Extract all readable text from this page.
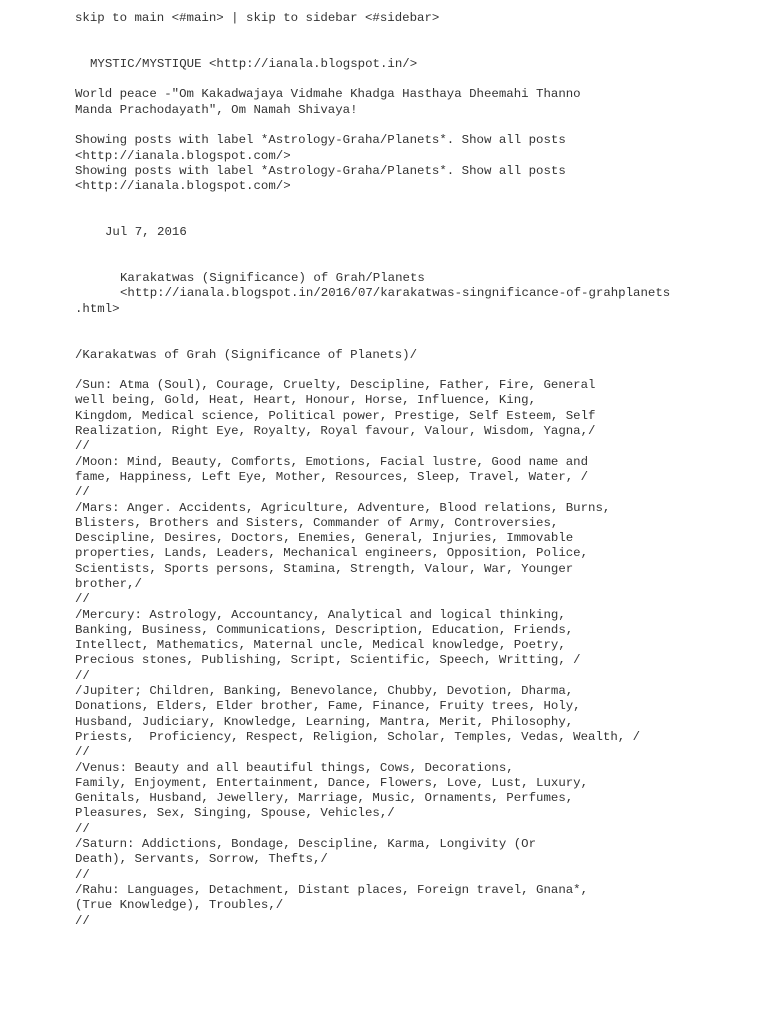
skip to main <#main> | skip to sidebar <#sidebar>
MYSTIC/MYSTIQUE <http://ianala.blogspot.in/>
World peace -"Om Kakadwajaya Vidmahe Khadga Hasthaya Dheemahi Thanno
Manda Prachodayath", Om Namah Shivaya!
Showing posts with label *Astrology-Graha/Planets*. Show all posts
<http://ianala.blogspot.com/>
Showing posts with label *Astrology-Graha/Planets*. Show all posts
<http://ianala.blogspot.com/>
Jul 7, 2016
Karakatwas (Significance) of Grah/Planets
<http://ianala.blogspot.in/2016/07/karakatwas-singnificance-of-grahplanets
.html>
/Karakatwas of Grah (Significance of Planets)/
/Sun: Atma (Soul), Courage, Cruelty, Descipline, Father, Fire, General
well being, Gold, Heat, Heart, Honour, Horse, Influence, King,
Kingdom, Medical science, Political power, Prestige, Self Esteem, Self
Realization, Right Eye, Royalty, Royal favour, Valour, Wisdom, Yagna,/
//
/Moon: Mind, Beauty, Comforts, Emotions, Facial lustre, Good name and
fame, Happiness, Left Eye, Mother, Resources, Sleep, Travel, Water, /
//
/Mars: Anger. Accidents, Agriculture, Adventure, Blood relations, Burns,
Blisters, Brothers and Sisters, Commander of Army, Controversies,
Descipline, Desires, Doctors, Enemies, General, Injuries, Immovable
properties, Lands, Leaders, Mechanical engineers, Opposition, Police,
Scientists, Sports persons, Stamina, Strength, Valour, War, Younger
brother,/
//
/Mercury: Astrology, Accountancy, Analytical and logical thinking,
Banking, Business, Communications, Description, Education, Friends,
Intellect, Mathematics, Maternal uncle, Medical knowledge, Poetry,
Precious stones, Publishing, Script, Scientific, Speech, Writting, /
//
/Jupiter; Children, Banking, Benevolance, Chubby, Devotion, Dharma,
Donations, Elders, Elder brother, Fame, Finance, Fruity trees, Holy,
Husband, Judiciary, Knowledge, Learning, Mantra, Merit, Philosophy,
Priests,  Proficiency, Respect, Religion, Scholar, Temples, Vedas, Wealth, /
//
/Venus: Beauty and all beautiful things, Cows, Decorations,
Family, Enjoyment, Entertainment, Dance, Flowers, Love, Lust, Luxury,
Genitals, Husband, Jewellery, Marriage, Music, Ornaments, Perfumes,
Pleasures, Sex, Singing, Spouse, Vehicles,/
//
/Saturn: Addictions, Bondage, Descipline, Karma, Longivity (Or
Death), Servants, Sorrow, Thefts,/
//
/Rahu: Languages, Detachment, Distant places, Foreign travel, Gnana*,
(True Knowledge), Troubles,/
//
